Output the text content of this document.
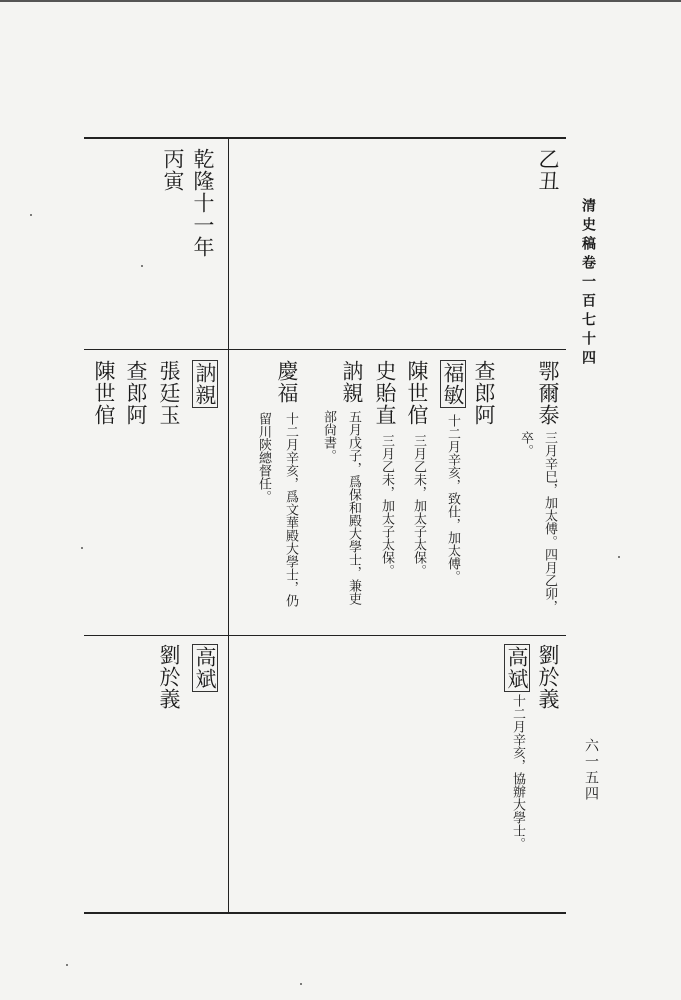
清史稿卷一百七十四
六一五四
乙丑
乾隆十一年
丙寅
鄂爾泰
三月辛巳，加太傅。四月乙卯，
卒。
查郎阿
福敏
十二月辛亥，致仕，加太傅。
陳世倌
三月乙未，加太子太保。
史貽直
三月乙未，加太子太保。
訥親
五月戊子，爲保和殿大學士，兼吏
部尙書。
慶福
十二月辛亥，爲文華殿大學士，仍
留川陝總督任。
訥親
張廷玉
查郎阿
陳世倌
劉於義
高斌
十二月辛亥，協辦大學士。
高斌
劉於義
